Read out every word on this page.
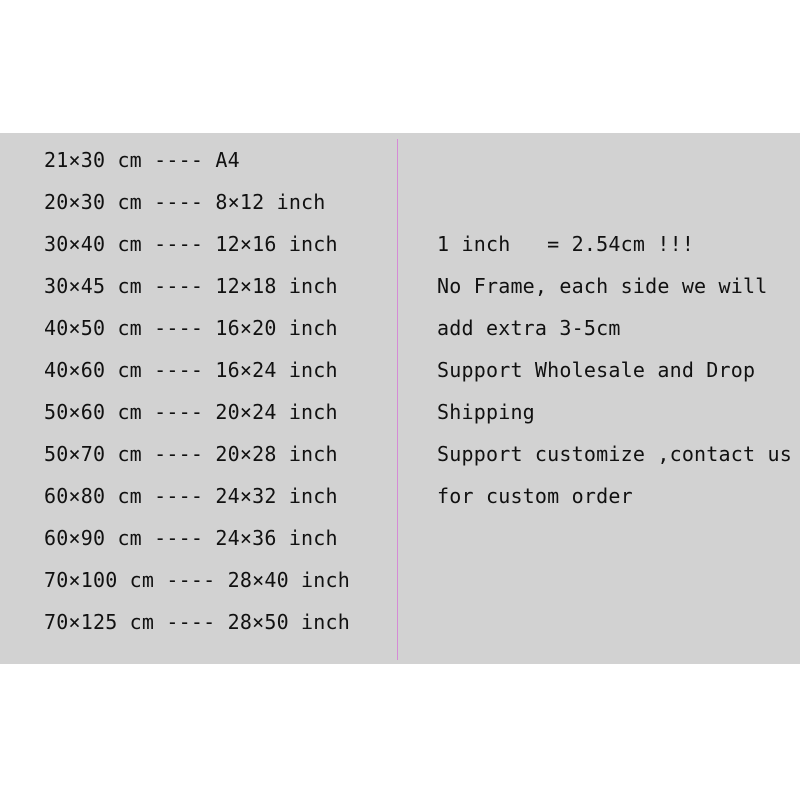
21×30 cm ---- A4
20×30 cm ---- 8×12 inch
30×40 cm ---- 12×16 inch
30×45 cm ---- 12×18 inch
40×50 cm ---- 16×20 inch
40×60 cm ---- 16×24 inch
50×60 cm ---- 20×24 inch
50×70 cm ---- 20×28 inch
60×80 cm ---- 24×32 inch
60×90 cm ---- 24×36 inch
70×100 cm ---- 28×40 inch
70×125 cm ---- 28×50 inch
1 inch   = 2.54cm !!!
No Frame, each side we will
add extra 3-5cm
Support Wholesale and Drop
Shipping
Support customize ,contact us
for custom order
